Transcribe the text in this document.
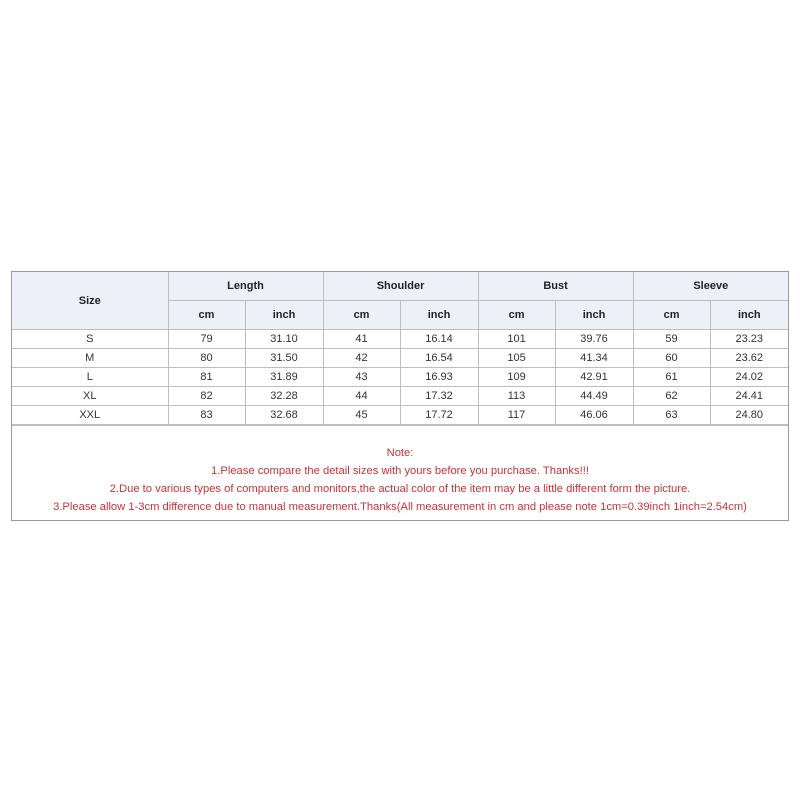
Size	Length		Shoulder		Bust		Sleeve	
	cm	inch	cm	inch	cm	inch	cm	inch
S	79	31.10	41	16.14	101	39.76	59	23.23
M	80	31.50	42	16.54	105	41.34	60	23.62
L	81	31.89	43	16.93	109	42.91	61	24.02
XL	82	32.28	44	17.32	113	44.49	62	24.41
XXL	83	32.68	45	17.72	117	46.06	63	24.80
Note:
1.Please compare the detail sizes with yours before you purchase. Thanks!!!
2.Due to various types of computers and monitors,the actual color of the item may be a little different form the picture.
3.Please allow 1-3cm difference due to manual measurement.Thanks(All measurement in cm and please note 1cm=0.39inch 1inch=2.54cm)
